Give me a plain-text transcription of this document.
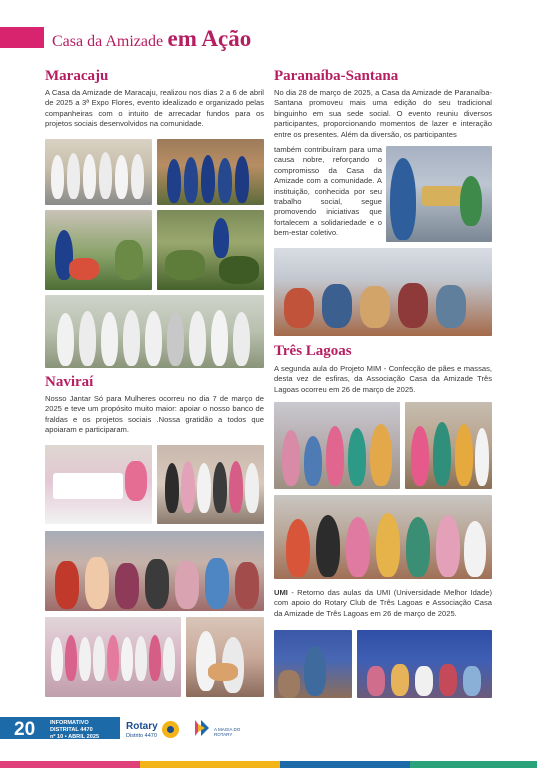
Casa da Amizade em Ação
Maracaju

A Casa da Amizade de Maracaju, realizou nos dias 2 a 6 de abril de 2025 a 3ª Expo Flores, evento idealizado e organizado pelas companheiras com o intuito de arrecadar fundos para os projetos sociais desenvolvidos na comunidade.

Naviraí

Nosso Jantar Só para Mulheres ocorreu no dia 7 de março de 2025 e teve um propósito muito maior: apoiar o nosso banco de fraldas e os projetos sociais .Nossa gratidão a todos que apoiaram e participaram.

Paranaíba-Santana

No dia 28 de março de 2025, a Casa da Amizade de Paranaíba-Santana promoveu mais uma edição do seu tradicional binguinho em sua sede social. O evento reuniu diversos participantes, proporcionando momentos de lazer e interação entre os presentes. Além da diversão, os participantes

também contribuíram para uma causa nobre, reforçando o compromisso da Casa da Amizade com a comunidade. A instituição, conhecida por seu trabalho social, segue promovendo iniciativas que fortalecem a solidariedade e o bem-estar coletivo.

Três Lagoas

A segunda aula do Projeto MIM - Confecção de pães e massas, desta vez de esfiras, da Associação Casa da Amizade Três Lagoas ocorreu em 26 de março de 2025.

UMI - Retorno das aulas da UMI (Universidade Melhor Idade) com apoio do Rotary Club de Três Lagoas e Associação Casa da Amizade de Três Lagoas em 26 de março de 2025.

20	INFORMATIVO
DISTRITAL 4470
nº 10 • ABRIL 2025
Rotary
Distrito 4470
A MAGIA DO ROTARY
